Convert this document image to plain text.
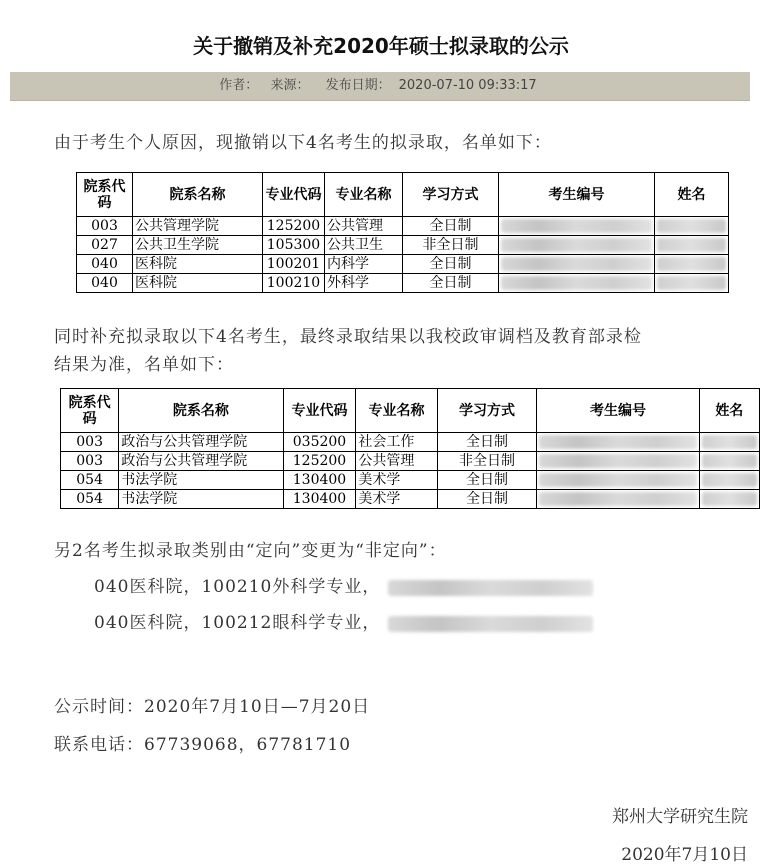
关于撤销及补充2020年硕士拟录取的公示
作者： 来源： 发布日期： 2020-07-10 09:33:17
由于考生个人原因，现撤销以下4名考生的拟录取，名单如下：
院系代码	院系名称	专业代码	专业名称	学习方式	考生编号	姓名
003	公共管理学院	125200	公共管理	全日制	

027	公共卫生学院	105300	公共卫生	非全日制	

040	医科院	100201	内科学	全日制	

040	医科院	100210	外科学	全日制	

同时补充拟录取以下4名考生，最终录取结果以我校政审调档及教育部录检
结果为准，名单如下：
院系代码	院系名称	专业代码	专业名称	学习方式	考生编号	姓名
003	政治与公共管理学院	035200	社会工作	全日制	

003	政治与公共管理学院	125200	公共管理	非全日制	

054	书法学院	130400	美术学	全日制	

054	书法学院	130400	美术学	全日制	

另2名考生拟录取类别由“定向”变更为“非定向”：
040医科院，100210外科学专业，
040医科院，100212眼科学专业，
公示时间：2020年7月10日—7月20日
联系电话：67739068，67781710
郑州大学研究生院
2020年7月10日
